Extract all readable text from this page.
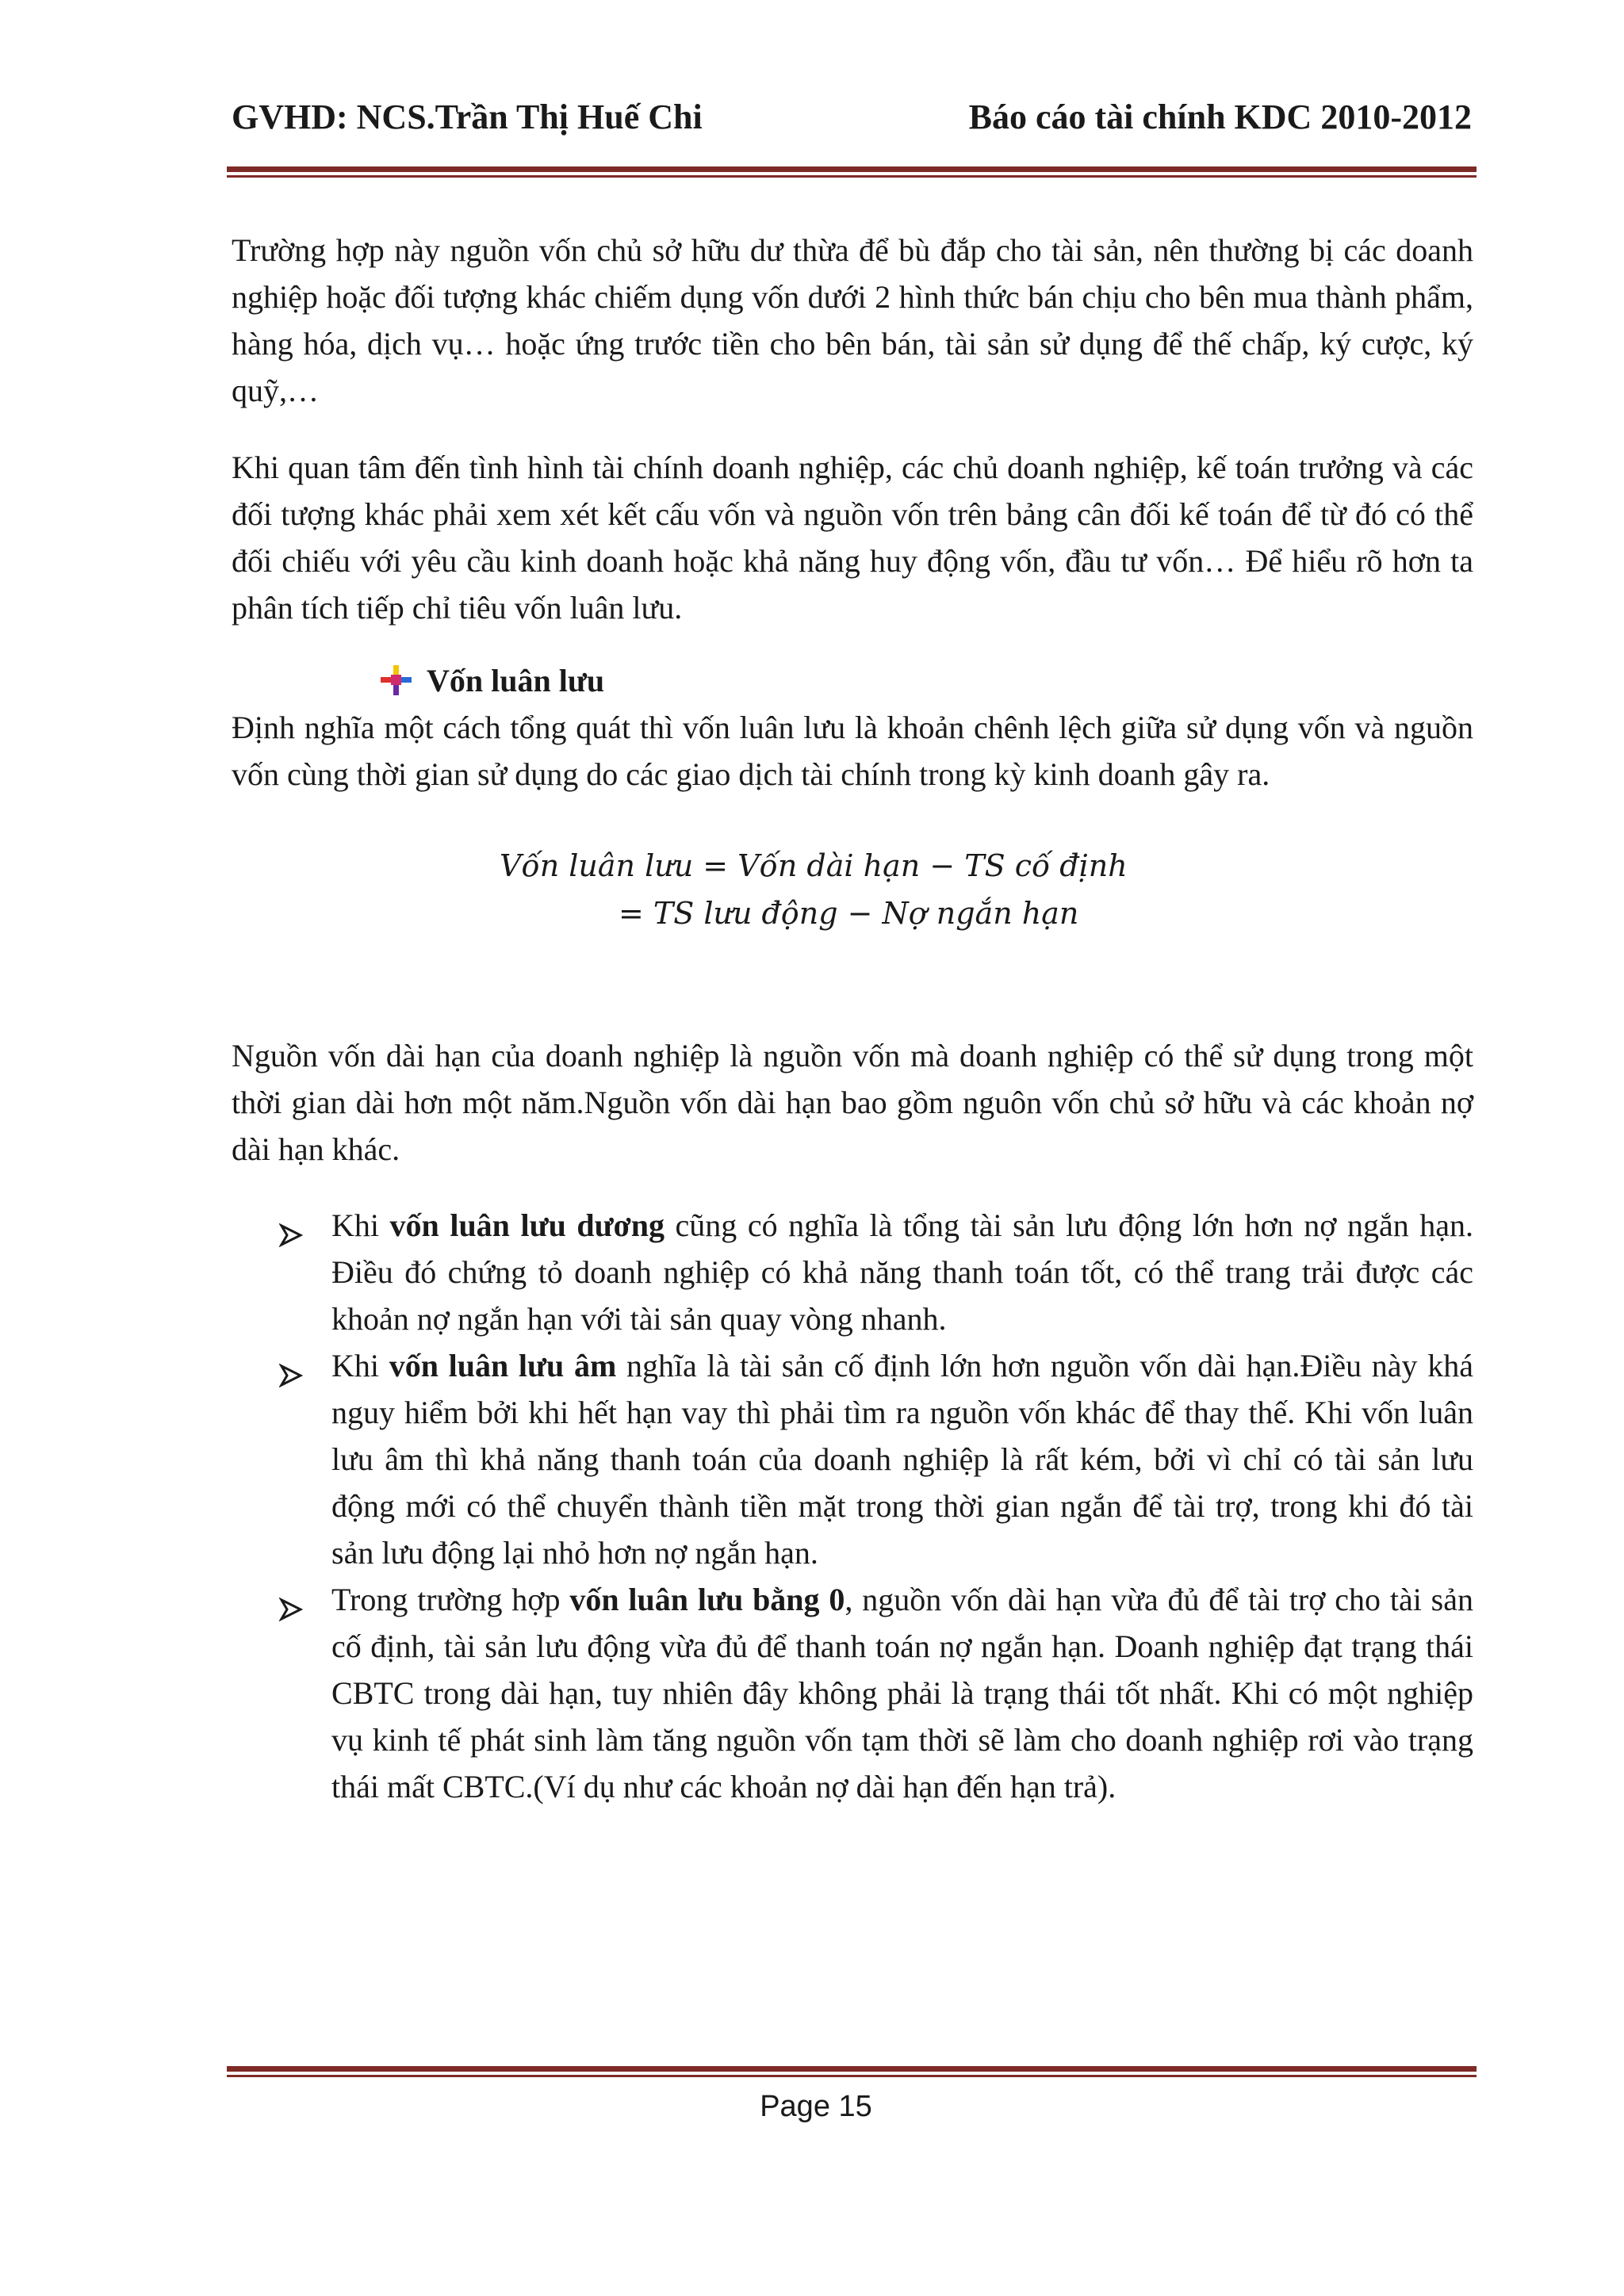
GVHD: NCS.Trần Thị Huế Chi	Báo cáo tài chính KDC 2010-2012

Trường hợp này nguồn vốn chủ sở hữu dư thừa để bù đắp cho tài sản, nên thường bị các doanh nghiệp hoặc đối tượng khác chiếm dụng vốn dưới 2 hình thức bán chịu cho bên mua thành phẩm, hàng hóa, dịch vụ… hoặc ứng trước tiền cho bên bán, tài sản sử dụng để thế chấp, ký cược, ký quỹ,…

Khi quan tâm đến tình hình tài chính doanh nghiệp, các chủ doanh nghiệp, kế toán trưởng và các đối tượng khác phải xem xét kết cấu vốn và nguồn vốn trên bảng cân đối kế toán để từ đó có thể đối chiếu với yêu cầu kinh doanh hoặc khả năng huy động vốn, đầu tư vốn… Để hiểu rõ hơn ta phân tích tiếp chỉ tiêu vốn luân lưu.

Vốn luân lưu

Định nghĩa một cách tổng quát thì vốn luân lưu là khoản chênh lệch giữa sử dụng vốn và nguồn vốn cùng thời gian sử dụng do các giao dịch tài chính trong kỳ kinh doanh gây ra.

Vốn luân lưu = Vốn dài hạn − TS cố định
= TS lưu động − Nợ ngắn hạn

Nguồn vốn dài hạn của doanh nghiệp là nguồn vốn mà doanh nghiệp có thể sử dụng trong một thời gian dài hơn một năm.Nguồn vốn dài hạn bao gồm nguôn vốn chủ sở hữu và các khoản nợ dài hạn khác.

Khi vốn luân lưu dương cũng có nghĩa là tổng tài sản lưu động lớn hơn nợ ngắn hạn. Điều đó chứng tỏ doanh nghiệp có khả năng thanh toán tốt, có thể trang trải được các khoản nợ ngắn hạn với tài sản quay vòng nhanh.
Khi vốn luân lưu âm nghĩa là tài sản cố định lớn hơn nguồn vốn dài hạn.Điều này khá nguy hiểm bởi khi hết hạn vay thì phải tìm ra nguồn vốn khác để thay thế. Khi vốn luân lưu âm thì khả năng thanh toán của doanh nghiệp là rất kém, bởi vì chỉ có tài sản lưu động mới có thể chuyển thành tiền mặt trong thời gian ngắn để tài trợ, trong khi đó tài sản lưu động lại nhỏ hơn nợ ngắn hạn.
Trong trường hợp vốn luân lưu bằng 0, nguồn vốn dài hạn vừa đủ để tài trợ cho tài sản cố định, tài sản lưu động vừa đủ để thanh toán nợ ngắn hạn. Doanh nghiệp đạt trạng thái CBTC trong dài hạn, tuy nhiên đây không phải là trạng thái tốt nhất. Khi có một nghiệp vụ kinh tế phát sinh làm tăng nguồn vốn tạm thời sẽ làm cho doanh nghiệp rơi vào trạng thái mất CBTC.(Ví dụ như các khoản nợ dài hạn đến hạn trả).
Page 15
